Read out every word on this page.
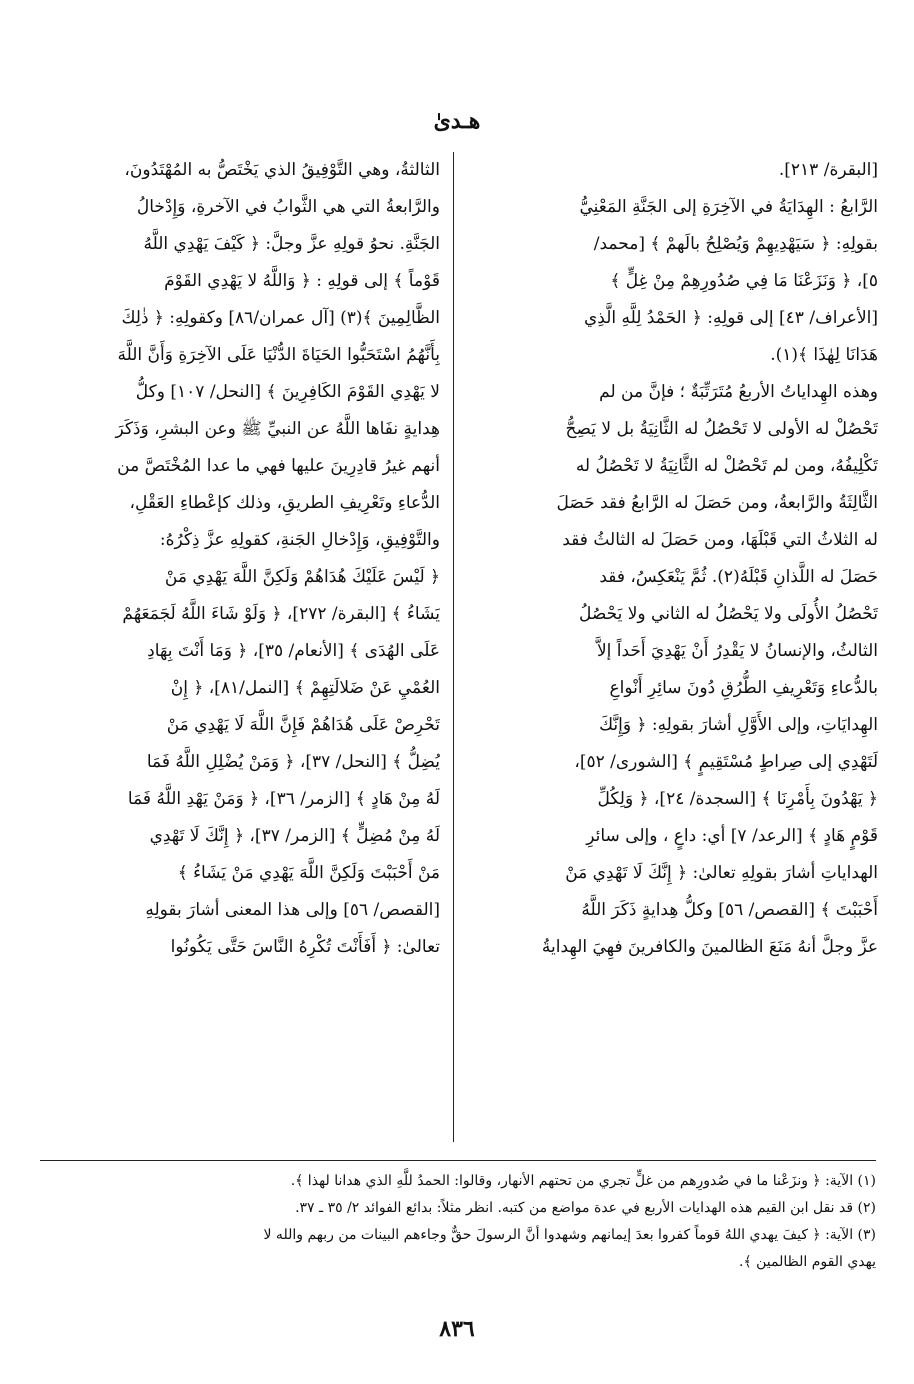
هـدىٰ
[البقرة/ ٢١٣].
الرَّابعُ : الهِدَايَةُ في الآخِرَةِ إلى الجَنَّةِ المَعْنِيُّ
بقولِهِ: ﴿ سَيَهْدِيهِمْ وَيُصْلِحُ بالَهمْ ﴾ [محمد/
٥]، ﴿ وَنَزَعْنَا مَا فِي صُدُورِهِمْ مِنْ غِلٍّ ﴾
[الأعراف/ ٤٣] إلى قولِهِ: ﴿ الحَمْدُ لِلَّهِ الَّذِي
هَدَانَا لِهٰذَا ﴾(١).
وهذه الهِداياتُ الأربعُ مُتَرَتِّبَةٌ ؛ فإنَّ من لم
تَحْصُلْ له الأولى لا تَحْصُلُ له الثَّانِيَةُ بل لا يَصِحُّ
تَكْلِيفُهُ، ومن لم تَحْصُلْ له الثَّانِيَةُ لا تَحْصُلُ له
الثَّالِثَةُ والرَّابعةُ، ومن حَصَلَ له الرَّابعُ فقد حَصَلَ
له الثلاثُ التي قَبْلَهَا، ومن حَصَلَ له الثالثُ فقد
حَصَلَ له اللَّذانِ قَبْلَهُ(٢). ثُمَّ يَنْعَكِسُ، فقد
تَحْصُلُ الأُولَى ولا يَحْصُلُ له الثاني ولا يَحْصُلُ
الثالثُ، والإنسانُ لا يَقْدِرُ أَنْ يَهْدِيَ أَحَداً إلاَّ
بالدُّعاءِ وَتَعْرِيفِ الطُّرُقِ دُونَ سائِرِ أَنْواعِ
الهِدايَاتِ، وإلى الأَوَّلِ أشارَ بقولِهِ: ﴿ وَإِنَّكَ
لَتَهْدِي إلى صِراطٍ مُسْتَقِيمٍ ﴾ [الشورى/ ٥٢]،
﴿ يَهْدُونَ بِأَمْرِنَا ﴾ [السجدة/ ٢٤]، ﴿ وَلِكُلِّ
قَوْمٍ هَادٍ ﴾ [الرعد/ ٧] أي: داعٍ ، وإلى سائرِ
الهداياتِ أشارَ بقولِهِ تعالىٰ: ﴿ إِنَّكَ لَا تَهْدِي مَنْ
أَحْبَبْتَ ﴾ [القصص/ ٥٦] وكلُّ هِدايةٍ ذَكَرَ اللَّهُ
عزَّ وجلَّ أنهُ مَنَعَ الظالمينَ والكافرينَ فهِيَ الهِدايةُ
الثالثةُ، وهي التَّوْفِيقُ الذي يَخْتَصُّ به المُهْتَدُونَ،
والرَّابعةُ التي هي الثَّوابُ في الآخرةِ، وَإِدْخالُ
الجَنَّةِ. نحوُ قولِهِ عزَّ وجلَّ: ﴿ كَيْفَ يَهْدِي اللَّهُ
قَوْماً ﴾ إلى قولِهِ : ﴿ وَاللَّهُ لا يَهْدِي القَوْمَ
الظَّالِمِينَ ﴾(٣) [آل عمران/٨٦] وكقولِهِ: ﴿ ذٰلِكَ
بِأَنَّهُمُ اسْتَحَبُّوا الحَيَاةَ الدُّنْيَا عَلَى الآخِرَةِ وَأَنَّ اللَّهَ
لا يَهْدِي القَوْمَ الكَافِرِينَ ﴾ [النحل/ ١٠٧] وكلُّ
هِدايةٍ نفَاها اللَّهُ عن النبيِّ ﷺ وعن البشرِ، وَذَكَرَ
أنهم غيرُ قادِرِينَ عليها فهي ما عدا المُخْتَصَّ من
الدُّعاءِ وتَعْرِيفِ الطريقِ، وذلك كإعْطاءِ العَقْلِ،
والتَّوْفِيقِ، وَإِدْخالِ الجَنةِ، كقولِهِ عزَّ ذِكْرُهُ:
﴿ لَيْسَ عَلَيْكَ هُدَاهُمْ وَلَكِنَّ اللَّهَ يَهْدِي مَنْ
يَشَاءُ ﴾ [البقرة/ ٢٧٢]، ﴿ وَلَوْ شَاءَ اللَّهُ لَجَمَعَهُمْ
عَلَى الهُدَى ﴾ [الأنعام/ ٣٥]، ﴿ وَمَا أَنْتَ بِهَادِ
العُمْيِ عَنْ ضَلالَتِهِمْ ﴾ [النمل/٨١]، ﴿ إِنْ
تَحْرِصْ عَلَى هُدَاهُمْ فَإِنَّ اللَّهَ لَا يَهْدِي مَنْ
يُضِلُّ ﴾ [النحل/ ٣٧]، ﴿ وَمَنْ يُضْلِلِ اللَّهُ فَمَا
لَهُ مِنْ هَادٍ ﴾ [الزمر/ ٣٦]، ﴿ وَمَنْ يَهْدِ اللَّهُ فَمَا
لَهُ مِنْ مُضِلٍّ ﴾ [الزمر/ ٣٧]، ﴿ إِنَّكَ لَا تَهْدِي
مَنْ أَحْبَبْتَ وَلَكِنَّ اللَّهَ يَهْدِي مَنْ يَشَاءُ ﴾
[القصص/ ٥٦] وإلى هذا المعنى أشارَ بقولِهِ
تعالىٰ: ﴿ أَفَأَنْتَ تُكْرِهُ النَّاسَ حَتَّى يَكُونُوا
(١) الآية: ﴿ ونزَعْنا ما في صُدورِهم من غلٍّ تجري من تحتهم الأنهار، وقالوا: الحمدُ للَّهِ الذي هدانا لهذا ﴾.
(٢) قد نقل ابن القيم هذه الهدايات الأربع في عدة مواضع من كتبه. انظر مثلاً: بدائع الفوائد ٢/ ٣٥ ـ ٣٧.
(٣) الآية: ﴿ كيفَ يهدي اللهُ قوماً كفروا بعدَ إيمانهم وشهدوا أنَّ الرسولَ حقٌّ وجاءهم البينات من ربهم والله لا
يهدي القوم الظالمين ﴾.
٨٣٦
